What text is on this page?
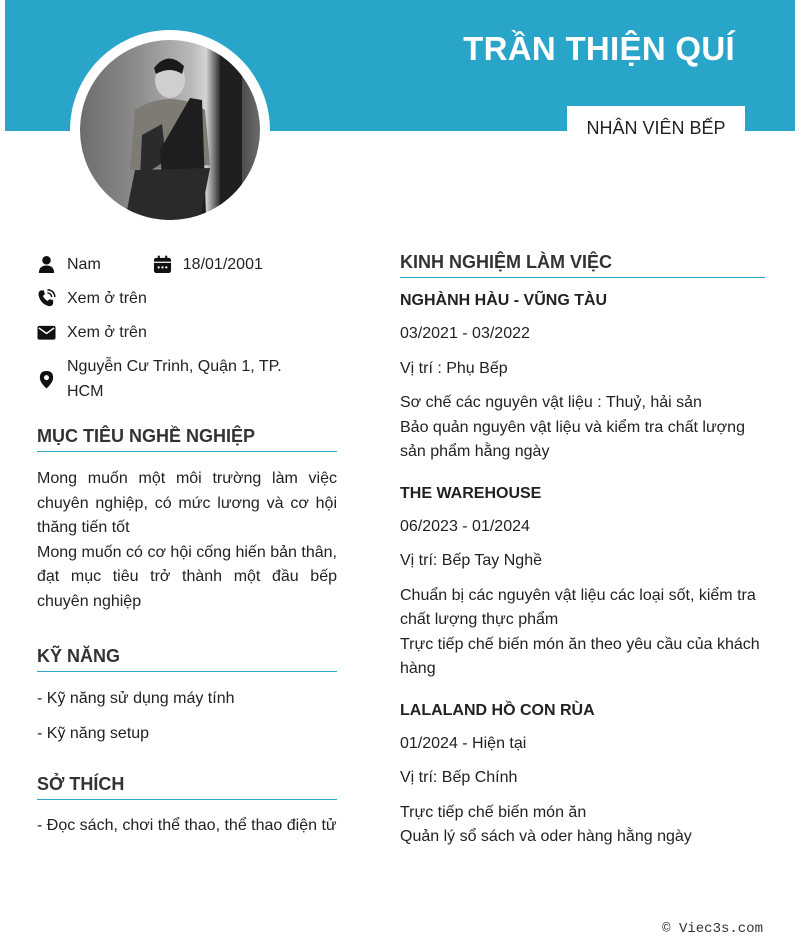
TRẦN THIỆN QUÍ
NHÂN VIÊN BẾP
Nam	18/01/2001
Xem ở trên
Xem ở trên
Nguyễn Cư Trinh, Quận 1, TP.
HCM
MỤC TIÊU NGHỀ NGHIỆP

Mong muốn một môi trường làm việc chuyên nghiệp, có mức lương và cơ hội thăng tiến tốt

Mong muốn có cơ hội cống hiến bản thân, đạt mục tiêu trở thành một đầu bếp chuyên nghiệp

KỸ NĂNG

- Kỹ năng sử dụng máy tính

- Kỹ năng setup

SỞ THÍCH

- Đọc sách, chơi thể thao, thể thao điện tử

KINH NGHIỆM LÀM VIỆC

NGHÀNH HÀU - VŨNG TÀU

03/2021 - 03/2022

Vị trí : Phụ Bếp

Sơ chế các nguyên vật liệu : Thuỷ, hải sản

Bảo quản nguyên vật liệu và kiểm tra chất lượng sản phẩm hằng ngày

THE WAREHOUSE

06/2023 - 01/2024

Vị trí: Bếp Tay Nghề

Chuẩn bị các nguyên vật liệu các loại sốt, kiểm tra chất lượng thực phẩm

Trực tiếp chế biến món ăn theo yêu cầu của khách hàng

LALALAND HỒ CON RÙA

01/2024 - Hiện tại

Vị trí: Bếp Chính

Trực tiếp chế biến món ăn

Quản lý sổ sách và oder hàng hằng ngày

© Viec3s.com
